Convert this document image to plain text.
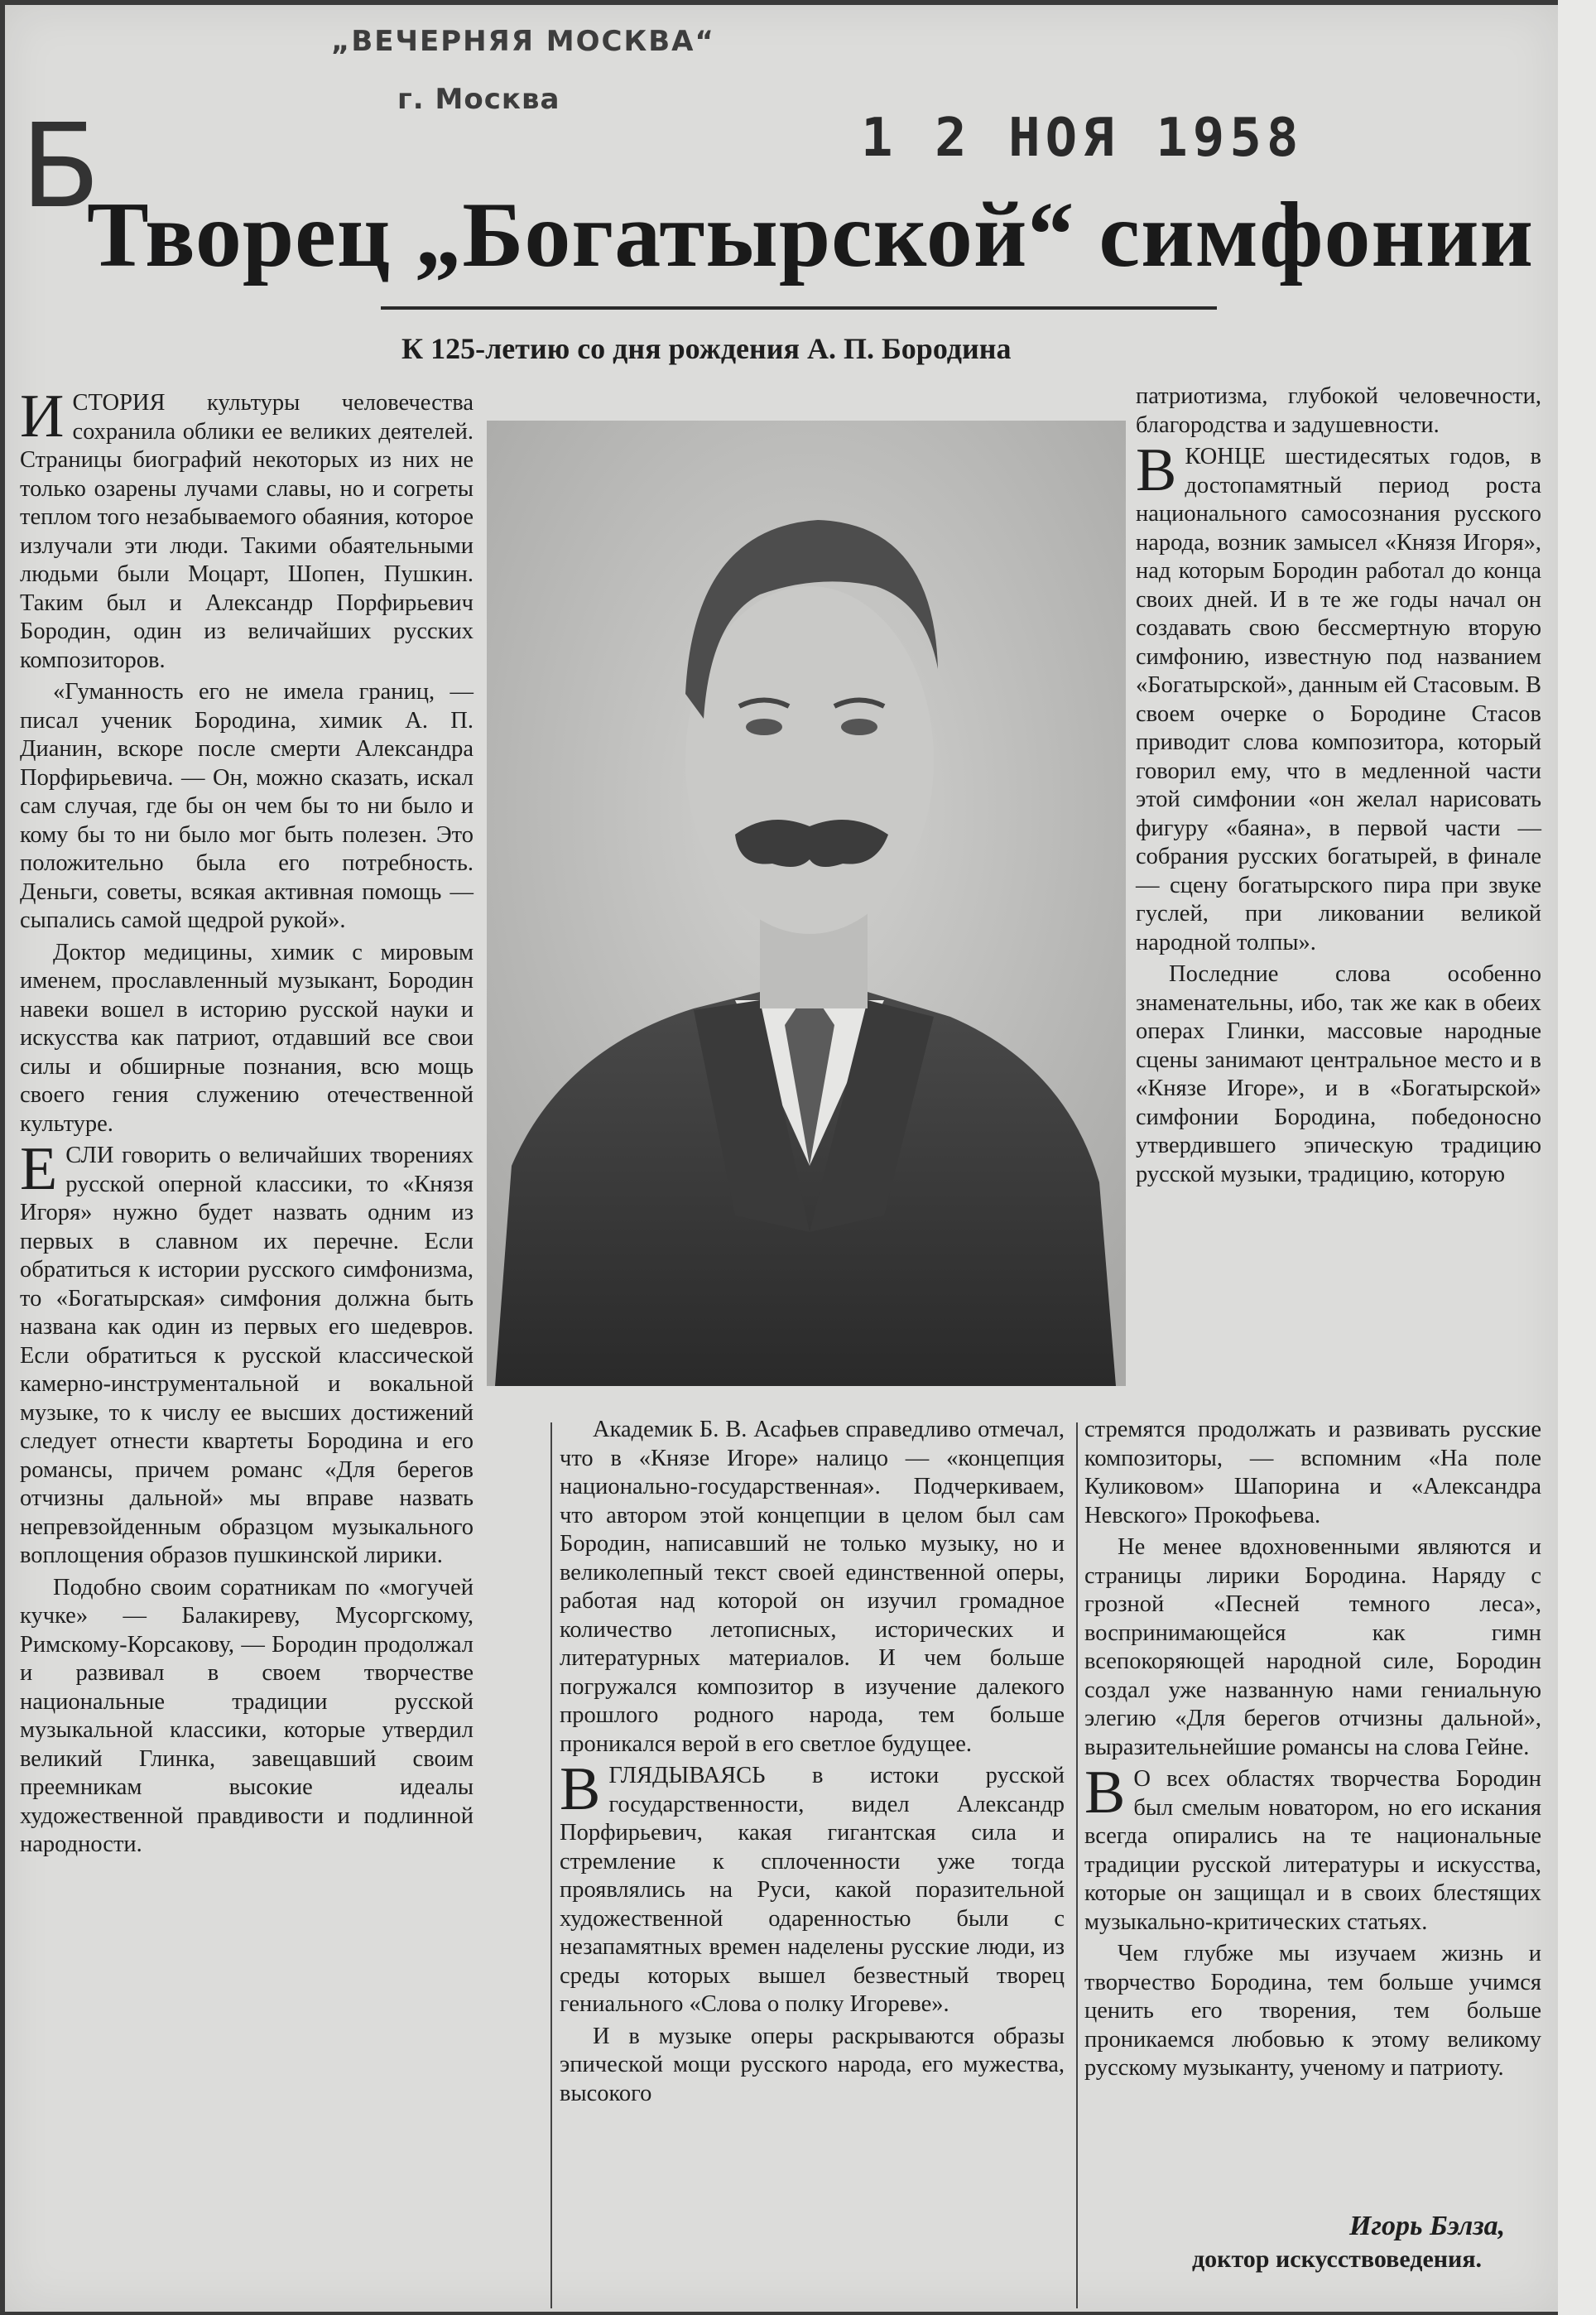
„ВЕЧЕРНЯЯ МОСКВА“
г. Москва
1 2 НОЯ 1958
Б
Творец „Богатырской“ симфонии
К 125-летию со дня рождения А. П. Бородина

ИСТОРИЯ культуры человечества сохранила облики ее великих деятелей. Страницы биографий некоторых из них не только озарены лучами славы, но и согреты теплом того незабываемого обаяния, которое излучали эти люди. Такими обаятельными людьми были Моцарт, Шопен, Пушкин. Таким был и Александр Порфирьевич Бородин, один из величайших русских композиторов.

«Гуманность его не имела границ, — писал ученик Бородина, химик А. П. Дианин, вскоре после смерти Александра Порфирьевича. — Он, можно сказать, искал сам случая, где бы он чем бы то ни было и кому бы то ни было мог быть полезен. Это положительно была его потребность. Деньги, советы, всякая активная помощь — сыпались самой щедрой рукой».

Доктор медицины, химик с мировым именем, прославленный музыкант, Бородин навеки вошел в историю русской науки и искусства как патриот, отдавший все свои силы и обширные познания, всю мощь своего гения служению отечественной культуре.

ЕСЛИ говорить о величайших творениях русской оперной классики, то «Князя Игоря» нужно будет назвать одним из первых в славном их перечне. Если обратиться к истории русского симфонизма, то «Богатырская» симфония должна быть названа как один из первых его шедевров. Если обратиться к русской классической камерно-инструментальной и вокальной музыке, то к числу ее высших достижений следует отнести квартеты Бородина и его романсы, причем романс «Для берегов отчизны дальной» мы вправе назвать непревзойденным образцом музыкального воплощения образов пушкинской лирики.

Подобно своим соратникам по «могучей кучке» — Балакиреву, Мусоргскому, Римскому-Корсакову, — Бородин продолжал и развивал в своем творчестве национальные традиции русской музыкальной классики, которые утвердил великий Глинка, завещавший своим преемникам высокие идеалы художественной правдивости и подлинной народности.

патриотизма, глубокой человечности, благородства и задушевности.

ВКОНЦЕ шестидесятых годов, в достопамятный период роста национального самосознания русского народа, возник замысел «Князя Игоря», над которым Бородин работал до конца своих дней. И в те же годы начал он создавать свою бессмертную вторую симфонию, известную под названием «Богатырской», данным ей Стасовым. В своем очерке о Бородине Стасов приводит слова композитора, который говорил ему, что в медленной части этой симфонии «он желал нарисовать фигуру «баяна», в первой части — собрания русских богатырей, в финале — сцену богатырского пира при звуке гуслей, при ликовании великой народной толпы».

Последние слова особенно знаменательны, ибо, так же как в обеих операх Глинки, массовые народные сцены занимают центральное место и в «Князе Игоре», и в «Богатырской» симфонии Бородина, победоносно утвердившего эпическую традицию русской музыки, традицию, которую

Академик Б. В. Асафьев справедливо отмечал, что в «Князе Игоре» налицо — «концепция национально-государственная». Подчеркиваем, что автором этой концепции в целом был сам Бородин, написавший не только музыку, но и великолепный текст своей единственной оперы, работая над которой он изучил громадное количество летописных, исторических и литературных материалов. И чем больше погружался композитор в изучение далекого прошлого родного народа, тем больше проникался верой в его светлое будущее.

ВГЛЯДЫВАЯСЬ в истоки русской государственности, видел Александр Порфирьевич, какая гигантская сила и стремление к сплоченности уже тогда проявлялись на Руси, какой поразительной художественной одаренностью были с незапамятных времен наделены русские люди, из среды которых вышел безвестный творец гениального «Слова о полку Игореве».

И в музыке оперы раскрываются образы эпической мощи русского народа, его мужества, высокого

стремятся продолжать и развивать русские композиторы, — вспомним «На поле Куликовом» Шапорина и «Александра Невского» Прокофьева.

Не менее вдохновенными являются и страницы лирики Бородина. Наряду с грозной «Песней темного леса», воспринимающейся как гимн всепокоряющей народной силе, Бородин создал уже названную нами гениальную элегию «Для берегов отчизны дальной», выразительнейшие романсы на слова Гейне.

В О всех областях творчества Бородин был смелым новатором, но его искания всегда опирались на те национальные традиции русской литературы и искусства, которые он защищал и в своих блестящих музыкально-критических статьях.

Чем глубже мы изучаем жизнь и творчество Бородина, тем больше учимся ценить его творения, тем больше проникаемся любовью к этому великому русскому музыканту, ученому и патриоту.

Игорь Бэлза,
доктор искусствоведения.
